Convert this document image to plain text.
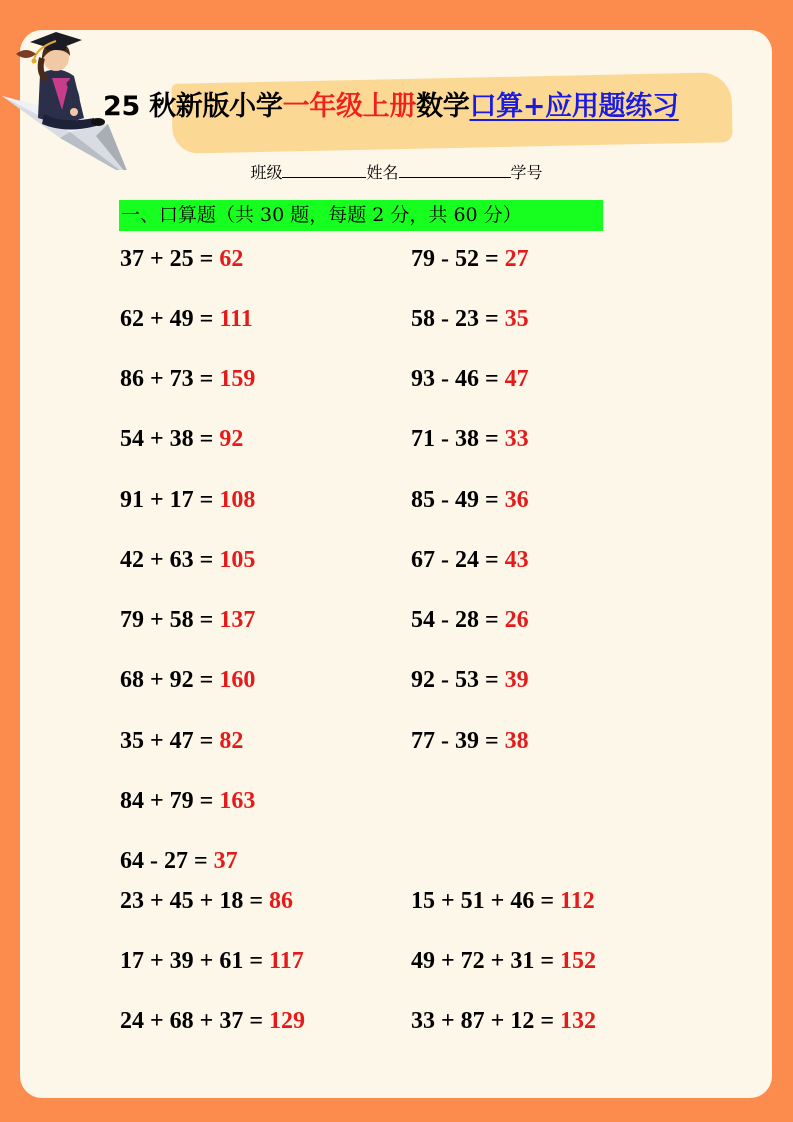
25 秋新版小学一年级上册数学口算+应用题练习
班级	姓名	学号
一、口算题（共 30 题，每题 2 分，共 60 分）
37 + 25 = 62
62 + 49 = 111
86 + 73 = 159
54 + 38 = 92
91 + 17 = 108
42 + 63 = 105
79 + 58 = 137
68 + 92 = 160
35 + 47 = 82
84 + 79 = 163
64 - 27 = 37
23 + 45 + 18 = 86
17 + 39 + 61 = 117
24 + 68 + 37 = 129
79 - 52 = 27
58 - 23 = 35
93 - 46 = 47
71 - 38 = 33
85 - 49 = 36
67 - 24 = 43
54 - 28 = 26
92 - 53 = 39
77 - 39 = 38
15 + 51 + 46 = 112
49 + 72 + 31 = 152
33 + 87 + 12 = 132
